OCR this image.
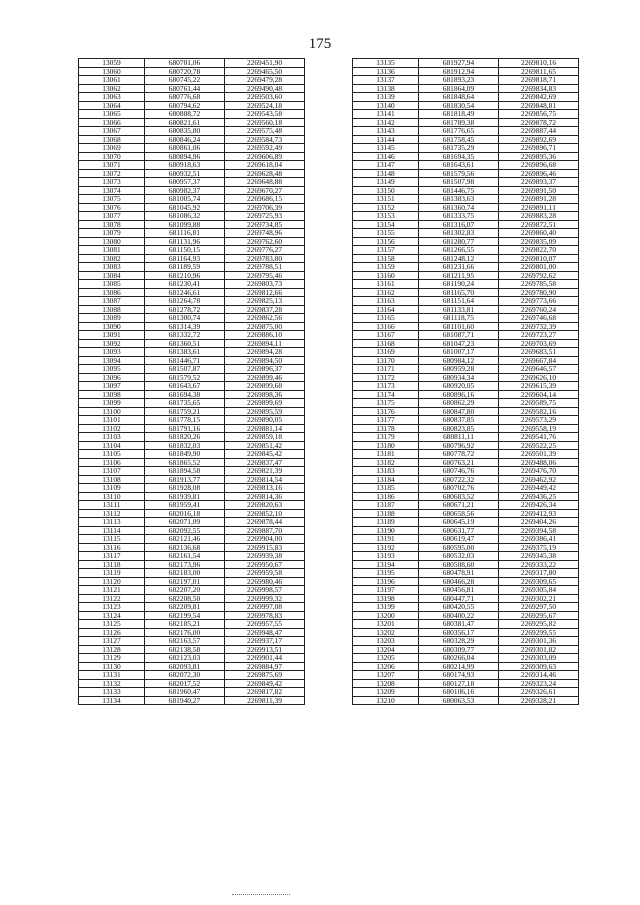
175
13059	680701,06	2269451,90
13060	680720,78	2269465,50
13061	680745,22	2269479,28
13062	680761,44	2269490,48
13063	680776,68	2269503,60
13064	680794,62	2269524,18
13065	680808,72	2269543,58
13066	680821,61	2269560,18
13067	680835,80	2269575,48
13068	680846,24	2269584,73
13069	680861,06	2269592,49
13070	680894,96	2269606,89
13071	680918,63	2269618,04
13072	680932,51	2269628,48
13073	680957,37	2269648,88
13074	680982,37	2269670,27
13075	681005,74	2269686,15
13076	681045,92	2269706,39
13077	681086,32	2269725,93
13078	681099,88	2269734,85
13079	681116,81	2269748,96
13080	681131,96	2269762,60
13081	681150,15	2269776,27
13082	681164,93	2269783,80
13083	681189,59	2269788,51
13084	681210,96	2269795,46
13085	681230,41	2269803,73
13086	681246,61	2269812,66
13087	681264,78	2269825,13
13088	681278,72	2269837,28
13089	681300,74	2269862,56
13090	681314,39	2269875,00
13091	681332,72	2269886,10
13092	681360,51	2269894,11
13093	681383,61	2269894,28
13094	681446,71	2269894,50
13095	681507,87	2269896,37
13096	681579,52	2269899,46
13097	681643,67	2269899,68
13098	681694,38	2269898,36
13099	681735,65	2269899,69
13100	681759,21	2269895,59
13101	681778,15	2269890,05
13102	681791,16	2269881,14
13103	681820,26	2269859,18
13104	681832,03	2269851,42
13105	681849,90	2269845,42
13106	681865,52	2269837,47
13107	681894,58	2269821,39
13108	681913,77	2269814,54
13109	681928,08	2269813,16
13110	681939,81	2269814,36
13111	681959,41	2269820,63
13112	682016,18	2269852,10
13113	682071,09	2269878,44
13114	682092,55	2269887,70
13115	682121,46	2269904,00
13116	682136,68	2269915,83
13117	682161,54	2269939,38
13118	682173,96	2269950,67
13119	682183,00	2269959,58
13120	682197,01	2269980,46
13121	682207,20	2269998,57
13122	682208,50	2269999,32
13123	682209,81	2269997,08
13124	682199,54	2269978,83
13125	682185,21	2269957,55
13126	682176,00	2269948,47
13127	682163,57	2269937,17
13128	682138,58	2269913,51
13129	682123,03	2269901,44
13130	682093,81	2269884,97
13131	682072,30	2269875,69
13132	682017,52	2269849,42
13133	681960,47	2269817,82
13134	681940,27	2269811,39
13135	681927,94	2269810,16
13136	681912,94	2269811,65
13137	681893,23	2269818,71
13138	681864,09	2269834,83
13139	681848,64	2269842,69
13140	681830,54	2269848,81
13141	681818,49	2269856,75
13142	681789,38	2269878,72
13143	681776,65	2269887,44
13144	681758,45	2269892,69
13145	681735,29	2269896,71
13146	681694,35	2269895,36
13147	681643,61	2269896,68
13148	681579,56	2269896,46
13149	681507,98	2269893,37
13150	681446,75	2269891,50
13151	681383,63	2269891,28
13152	681360,74	2269891,11
13153	681333,75	2269883,28
13154	681316,07	2269872,51
13155	681302,83	2269860,40
13156	681280,77	2269835,09
13157	681266,55	2269822,70
13158	681248,12	2269810,07
13159	681231,66	2269801,00
13160	681211,95	2269792,62
13161	681190,24	2269785,58
13162	681165,70	2269780,90
13163	681151,64	2269773,66
13164	681133,81	2269760,24
13165	681118,75	2269746,68
13166	681101,60	2269732,39
13167	681087,71	2269723,27
13168	681047,23	2269703,69
13169	681007,17	2269683,51
13170	680984,12	2269667,84
13171	680959,28	2269646,57
13172	680934,34	2269626,10
13173	680920,05	2269615,39
13174	680896,16	2269604,14
13175	680862,29	2269589,75
13176	680847,80	2269582,16
13177	680837,85	2269573,29
13178	680823,85	2269558,19
13179	680811,11	2269541,76
13180	680796,92	2269522,25
13181	680778,72	2269501,39
13182	680763,21	2269488,06
13183	680746,76	2269476,70
13184	680722,32	2269462,92
13185	680702,76	2269449,42
13186	680683,52	2269436,25
13187	680671,21	2269426,34
13188	680658,56	2269412,93
13189	680645,19	2269404,26
13190	680631,77	2269394,58
13191	680619,47	2269386,41
13192	680595,00	2269375,19
13193	680532,03	2269345,38
13194	680508,60	2269333,22
13195	680478,91	2269317,80
13196	680466,28	2269309,65
13197	680456,81	2269305,84
13198	680447,71	2269302,21
13199	680420,55	2269297,50
13200	680400,22	2269295,67
13201	680381,47	2269295,82
13202	680356,17	2269299,55
13203	680328,29	2269301,36
13204	680309,77	2269301,82
13205	680266,04	2269303,09
13206	680214,99	2269309,63
13207	680174,93	2269314,46
13208	680127,18	2269323,24
13209	680106,16	2269326,61
13210	680063,53	2269328,21
